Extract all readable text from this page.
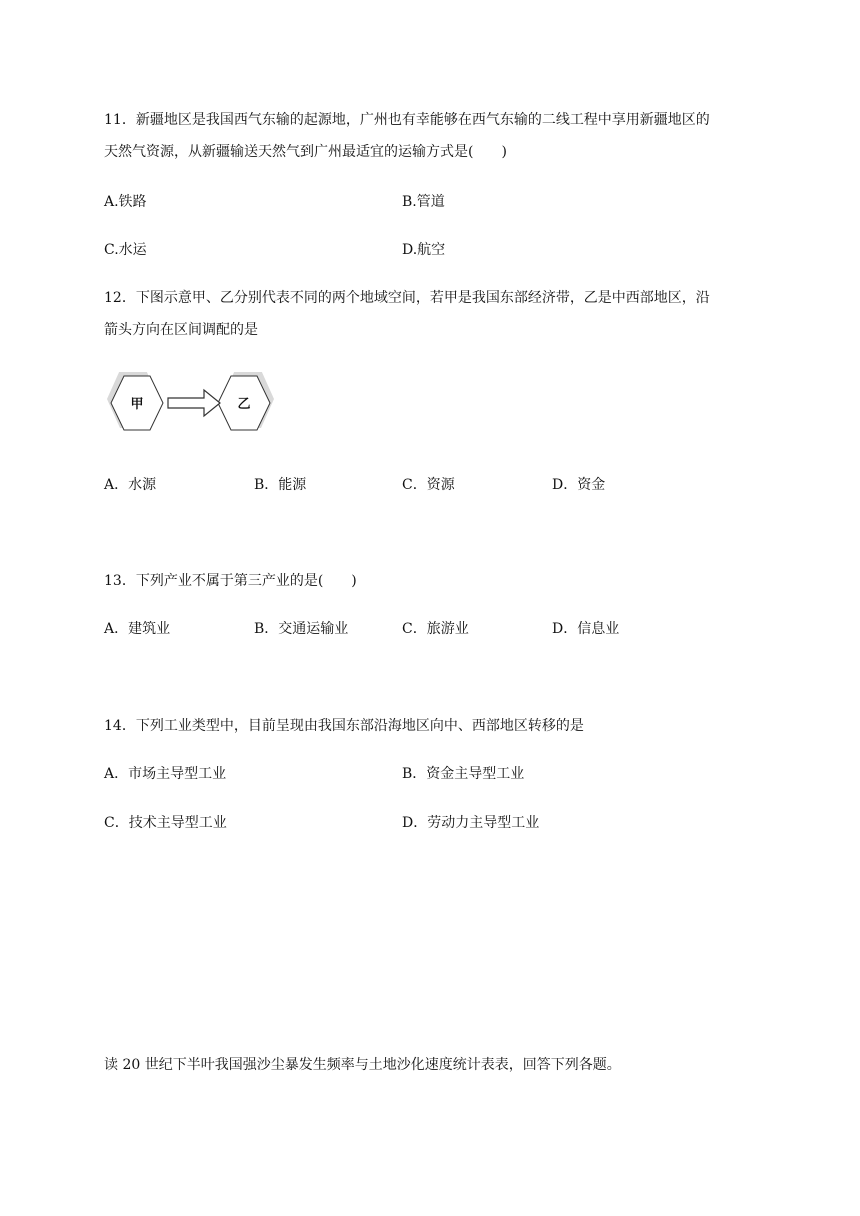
11．新疆地区是我国西气东输的起源地，广州也有幸能够在西气东输的二线工程中享用新疆地区的
天然气资源，从新疆输送天然气到广州最适宜的运输方式是(　　)
A.铁路	B.管道
C.水运	D.航空
12．下图示意甲、乙分别代表不同的两个地域空间，若甲是我国东部经济带，乙是中西部地区，沿
箭头方向在区间调配的是
甲	乙
A．水源	B．能源	C．资源	D．资金
13．下列产业不属于第三产业的是(　　)
A．建筑业	B．交通运输业	C．旅游业	D．信息业
14．下列工业类型中，目前呈现由我国东部沿海地区向中、西部地区转移的是
A．市场主导型工业	B．资金主导型工业
C．技术主导型工业	D．劳动力主导型工业
读 20 世纪下半叶我国强沙尘暴发生频率与土地沙化速度统计表表，回答下列各题。
